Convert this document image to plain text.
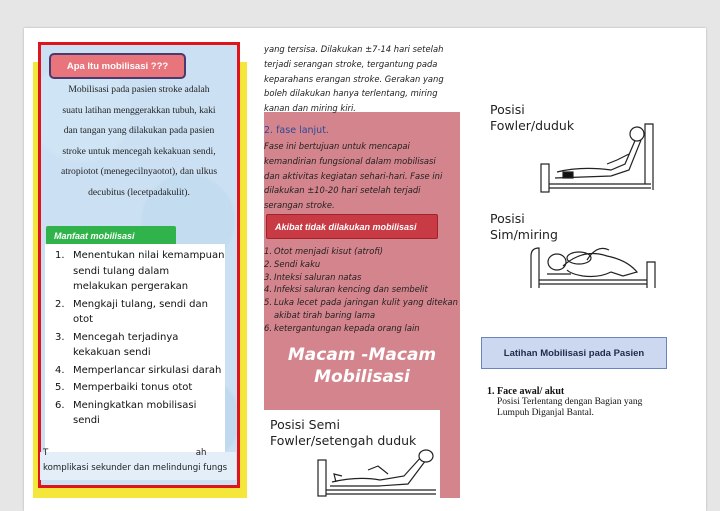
Apa Itu mobilisasi ???
Mobilisasi pada pasien stroke adalah
suatu latihan menggerakkan tubuh, kaki
dan tangan yang dilakukan pada pasien
stroke untuk mencegah kekakuan sendi,
atropiotot (menegecilnyaotot), dan ulkus
decubitus (lecetpadakulit).
Manfaat mobilisasi
1. Menentukan nilai kemampuan sendi tulang dalam melakukan pergerakan
2. Mengkaji tulang, sendi dan otot
3. Mencegah terjadinya kekakuan sendi
4. Memperlancar sirkulasi darah
5. Memperbaiki tonus otot
6. Meningkatkan mobilisasi sendi
T                                                      ah
komplikasi sekunder dan melindungi fungs
yang tersisa. Dilakukan ±7-14 hari setelah
terjadi serangan stroke, tergantung pada
keparahans erangan stroke. Gerakan yang
boleh dilakukan hanya terlentang, miring
kanan dan miring kiri.
2. fase lanjut.
Fase ini bertujuan untuk mencapai
kemandirian fungsional dalam mobilisasi
dan aktivitas kegiatan sehari-hari. Fase ini
dilakukan ±10-20 hari setelah terjadi
serangan stroke.
Akibat tidak dilakukan mobilisasi
1. Otot menjadi kisut (atrofi)
2. Sendi kaku
3. Inteksi saluran natas
4. Infeksi saluran kencing dan sembelit
5. Luka lecet pada jaringan kulit yang ditekan akibat tirah baring lama
6. ketergantungan kepada orang lain
Macam -Macam
Mobilisasi
Posisi Semi
Fowler/setengah duduk
Posisi
Fowler/duduk
Posisi
Sim/miring
Latihan Mobilisasi pada Pasien
1. Face awal/ akut
Posisi Terlentang dengan Bagian yang Lumpuh Diganjal Bantal.
